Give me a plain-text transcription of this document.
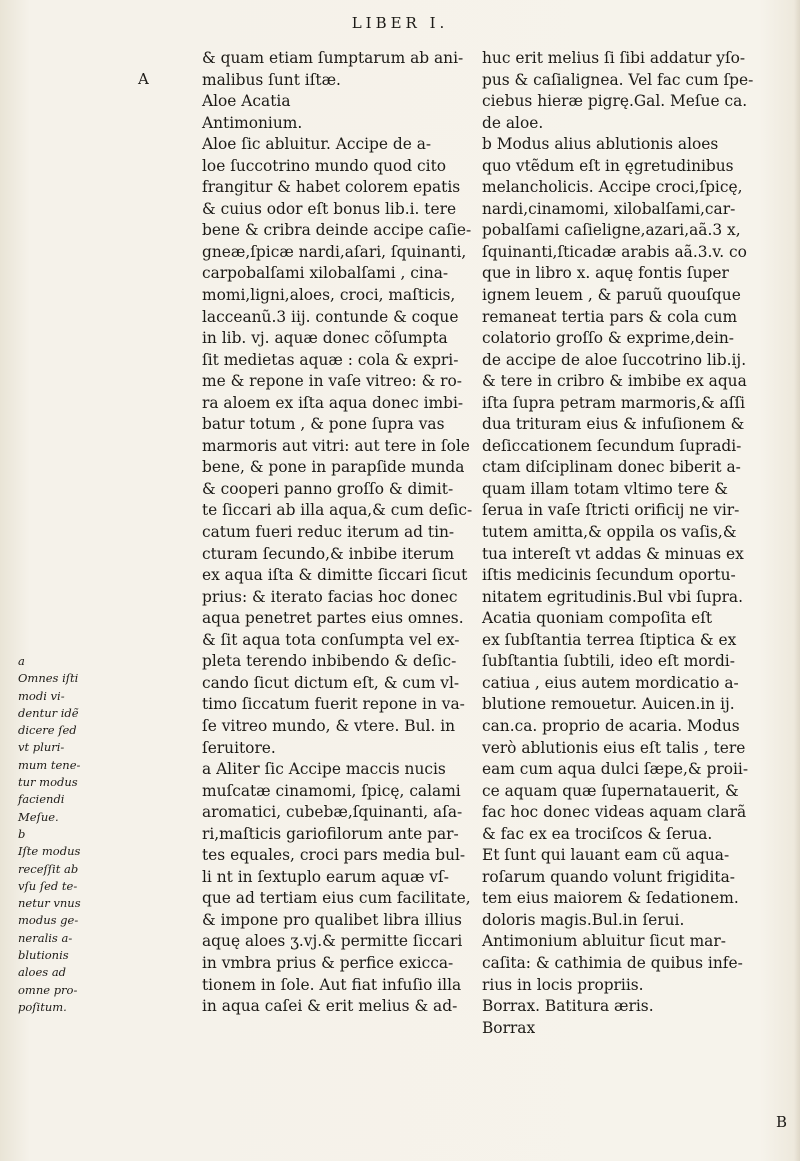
LIBER I.
A
B
a
Omnes iſti
modi vi-
dentur idẽ
dicere ſed
vt pluri-
mum tene-
tur modus
faciendi
Meſue.
b
Iſte modus
receſſit ab
vſu ſed te-
netur vnus
modus ge-
neralis a-
blutionis
aloes ad
omne pro-
poſitum.
& quam etiam ſumptarum ab ani-
malibus ſunt iſtæ.
Aloe Acatia
Antimonium.
Aloe ſic abluitur. Accipe de a-
loe ſuccotrino mundo quod cito
frangitur & habet colorem epatis
& cuius odor eſt bonus lib.i. tere
bene & cribra deinde accipe caſie-
gneæ,ſpicæ nardi,aſari, ſquinanti,
carpobalſami xilobalſami , cina-
momi,ligni,aloes, croci, maſticis,
lacceanũ.3 iij. contunde & coque
in lib. vj. aquæ donec cõſumpta
ſit medietas aquæ : cola & expri-
me & repone in vaſe vitreo: & ro-
ra aloem ex iſta aqua donec imbi-
batur totum , & pone ſupra vas
marmoris aut vitri: aut tere in ſole
bene, & pone in parapſide munda
& cooperi panno groſſo & dimit-
te ſiccari ab illa aqua,& cum deſic-
catum fueri reduc iterum ad tin-
cturam ſecundo,& inbibe iterum
ex aqua iſta & dimitte ſiccari ſicut
prius: & iterato facias hoc donec
aqua penetret partes eius omnes.
& ſit aqua tota conſumpta vel ex-
pleta terendo inbibendo & deſic-
cando ſicut dictum eſt, & cum vl-
timo ſiccatum fuerit repone in va-
ſe vitreo mundo, & vtere. Bul. in
ſeruitore.
a Aliter ſic Accipe maccis nucis
muſcatæ cinamomi, ſpicę, calami
aromatici, cubebæ,ſquinanti, aſa-
ri,maſticis gariofilorum ante par-
tes equales, croci pars media bul-
li nt in ſextuplo earum aquæ vſ-
que ad tertiam eius cum facilitate,
& impone pro qualibet libra illius
aquę aloes ʒ.vj.& permitte ſiccari
in vmbra prius & perfice exicca-
tionem in ſole. Aut fiat infuſio illa
in aqua caſei & erit melius & ad-
huc erit melius ſi ſibi addatur yſo-
pus & caſialignea. Vel fac cum ſpe-
ciebus hieræ pigrę.Gal. Meſue ca.
de aloe.
b Modus alius ablutionis aloes
quo vtẽdum eſt in ęgretudinibus
melancholicis. Accipe croci,ſpicę,
nardi,cinamomi, xilobalſami,car-
pobalſami caſieligne,azari,aã.3 x,
ſquinanti,ſticadæ arabis aã.3.v. co
que in libro x. aquę fontis ſuper
ignem leuem , & paruũ quouſque
remaneat tertia pars & cola cum
colatorio groſſo & exprime,dein-
de accipe de aloe ſuccotrino lib.ij.
& tere in cribro & imbibe ex aqua
iſta ſupra petram marmoris,& aſſi
dua trituram eius & infuſionem &
deſiccationem ſecundum ſupradi-
ctam diſciplinam donec biberit a-
quam illam totam vltimo tere &
ſerua in vaſe ſtricti orificij ne vir-
tutem amitta,& oppila os vaſis,&
tua intereſt vt addas & minuas ex
iſtis medicinis ſecundum oportu-
nitatem egritudinis.Bul vbi ſupra.
Acatia quoniam compoſita eſt
ex ſubſtantia terrea ſtiptica & ex
ſubſtantia ſubtili, ideo eſt mordi-
catiua , eius autem mordicatio a-
blutione remouetur. Auicen.in ij.
can.ca. proprio de acaria. Modus
verò ablutionis eius eſt talis , tere
eam cum aqua dulci ſæpe,& proii-
ce aquam quæ ſupernatauerit, &
fac hoc donec videas aquam clarã
& fac ex ea trociſcos & ſerua.
Et ſunt qui lauant eam cũ aqua-
roſarum quando volunt frigidita-
tem eius maiorem & ſedationem.
doloris magis.Bul.in ſerui.
Antimonium abluitur ſicut mar-
caſita: & cathimia de quibus infe-
rius in locis propriis.
Borrax. Batitura æris.
Borrax
